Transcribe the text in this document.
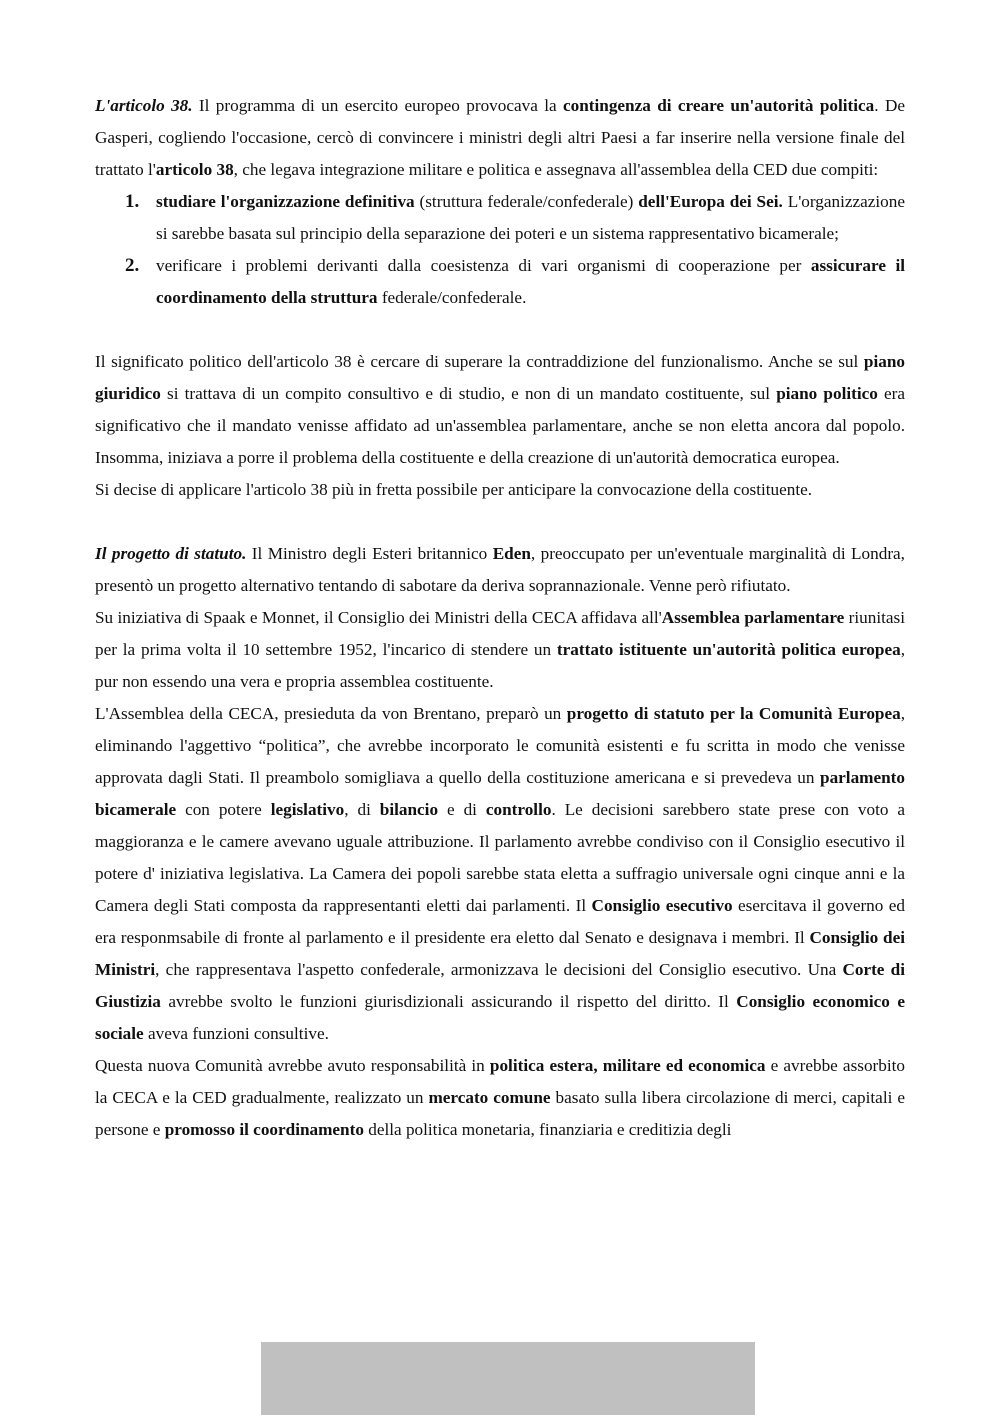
L'articolo 38. Il programma di un esercito europeo provocava la contingenza di creare un'autorità politica. De Gasperi, cogliendo l'occasione, cercò di convincere i ministri degli altri Paesi a far inserire nella versione finale del trattato l'articolo 38, che legava integrazione militare e politica e assegnava all'assemblea della CED due compiti:

1. studiare l'organizzazione definitiva (struttura federale/confederale) dell'Europa dei Sei. L'organizzazione si sarebbe basata sul principio della separazione dei poteri e un sistema rappresentativo bicamerale;
2. verificare i problemi derivanti dalla coesistenza di vari organismi di cooperazione per assicurare il coordinamento della struttura federale/confederale.

Il significato politico dell'articolo 38 è cercare di superare la contraddizione del funzionalismo. Anche se sul piano giuridico si trattava di un compito consultivo e di studio, e non di un mandato costituente, sul piano politico era significativo che il mandato venisse affidato ad un'assemblea parlamentare, anche se non eletta ancora dal popolo. Insomma, iniziava a porre il problema della costituente e della creazione di un'autorità democratica europea.

Si decise di applicare l'articolo 38 più in fretta possibile per anticipare la convocazione della costituente.

Il progetto di statuto. Il Ministro degli Esteri britannico Eden, preoccupato per un'eventuale marginalità di Londra, presentò un progetto alternativo tentando di sabotare da deriva soprannazionale. Venne però rifiutato.

Su iniziativa di Spaak e Monnet, il Consiglio dei Ministri della CECA affidava all'Assemblea parlamentare riunitasi per la prima volta il 10 settembre 1952, l'incarico di stendere un trattato istituente un'autorità politica europea, pur non essendo una vera e propria assemblea costituente.

L'Assemblea della CECA, presieduta da von Brentano, preparò un progetto di statuto per la Comunità Europea, eliminando l'aggettivo “politica”, che avrebbe incorporato le comunità esistenti e fu scritta in modo che venisse approvata dagli Stati. Il preambolo somigliava a quello della costituzione americana e si prevedeva un parlamento bicamerale con potere legislativo, di bilancio e di controllo. Le decisioni sarebbero state prese con voto a maggioranza e le camere avevano uguale attribuzione. Il parlamento avrebbe condiviso con il Consiglio esecutivo il potere d' iniziativa legislativa. La Camera dei popoli sarebbe stata eletta a suffragio universale ogni cinque anni e la Camera degli Stati composta da rappresentanti eletti dai parlamenti. Il Consiglio esecutivo esercitava il governo ed era responmsabile di fronte al parlamento e il presidente era eletto dal Senato e designava i membri. Il Consiglio dei Ministri, che rappresentava l'aspetto confederale, armonizzava le decisioni del Consiglio esecutivo. Una Corte di Giustizia avrebbe svolto le funzioni giurisdizionali assicurando il rispetto del diritto. Il Consiglio economico e sociale aveva funzioni consultive.

Questa nuova Comunità avrebbe avuto responsabilità in politica estera, militare ed economica e avrebbe assorbito la CECA e la CED gradualmente, realizzato un mercato comune basato sulla libera circolazione di merci, capitali e persone e promosso il coordinamento della politica monetaria, finanziaria e creditizia degli
